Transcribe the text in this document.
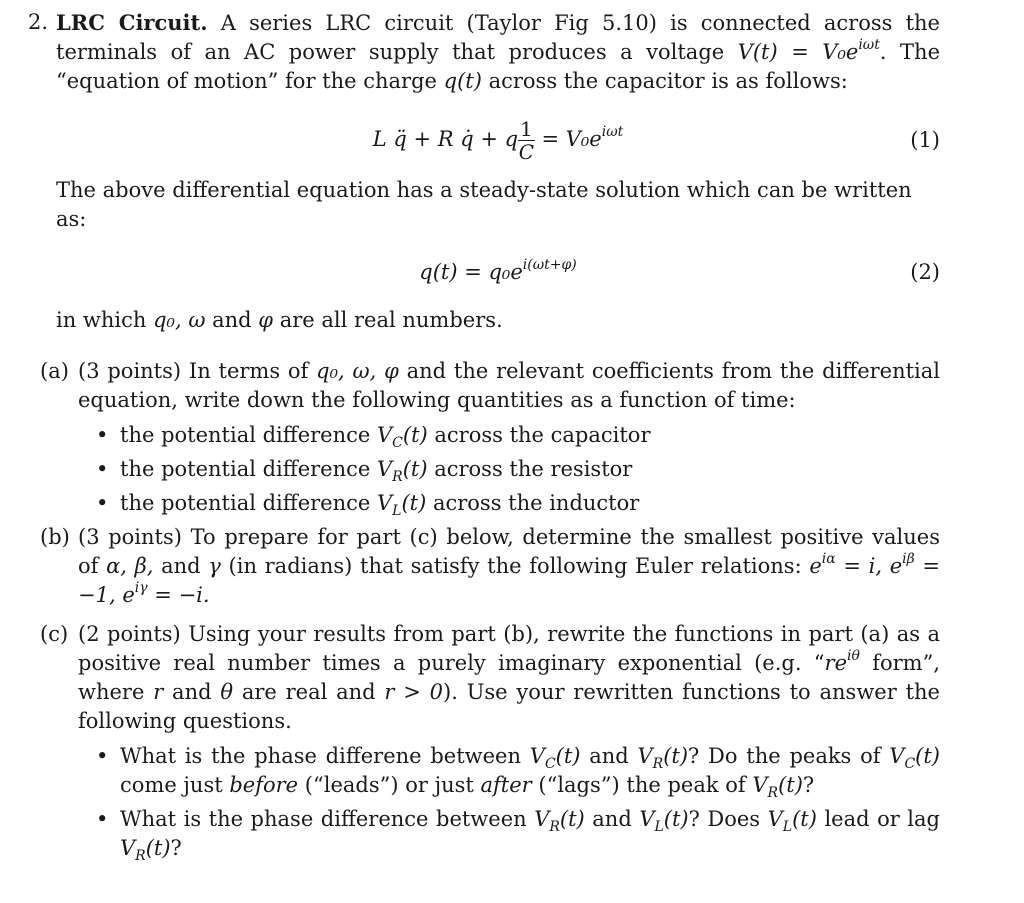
2. LRC Circuit. A series LRC circuit (Taylor Fig 5.10) is connected across the terminals of an AC power supply that produces a voltage $V(t) = V_0e^{i\omega t}$. The “equation of motion” for the charge q(t) across the capacitor is as follows:
L q̈ + R q̇ + q $\frac{1}{C} = V_0e^{i\omega t}$	(1)
The above differential equation has a steady-state solution which can be written as:
$q(t) = q_0e^{i(\omega t+\varphi)}$	(2)
in which q₀, ω and φ are all real numbers.
(a) (3 points) In terms of q₀, ω, φ and the relevant coefficients from the differential equation, write down the following quantities as a function of time:
• the potential difference $V_C(t)$ across the capacitor
• the potential difference $V_R(t)$ across the resistor
• the potential difference $V_L(t)$ across the inductor
(b) (3 points) To prepare for part (c) below, determine the smallest positive values of α, β, and γ (in radians) that satisfy the following Euler relations: $e^{i\alpha} = i$, $e^{i\beta} = -1$, $e^{i\gamma} = -i$.
(c) (2 points) Using your results from part (b), rewrite the functions in part (a) as a positive real number times a purely imaginary exponential (e.g. “$re^{i\theta}$ form”, where r and θ are real and r > 0). Use your rewritten functions to answer the following questions.
• What is the phase differene between $V_C(t)$ and $V_R(t)$? Do the peaks of $V_C(t)$ come just before (“leads”) or just after (“lags”) the peak of $V_R(t)$?
• What is the phase difference between $V_R(t)$ and $V_L(t)$? Does $V_L(t)$ lead or lag $V_R(t)$?
